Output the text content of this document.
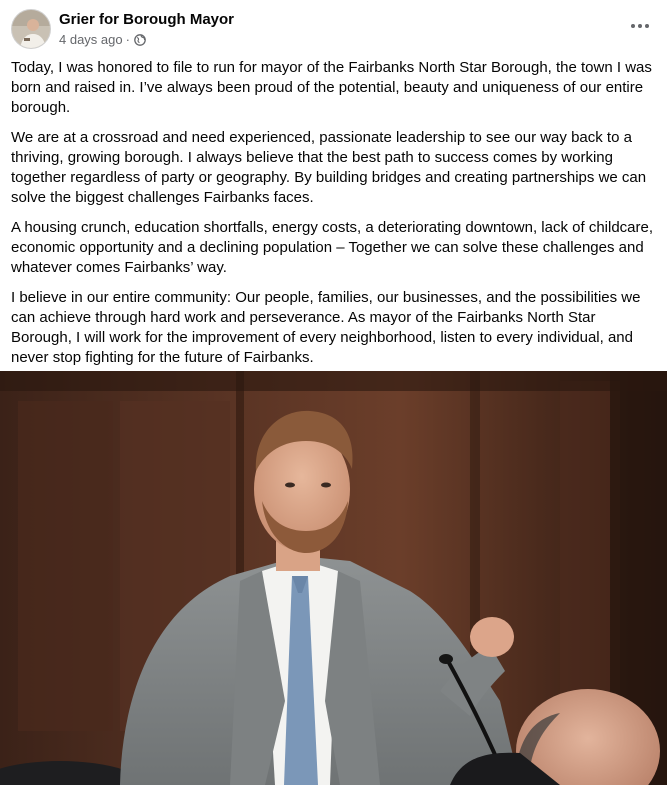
Grier for Borough Mayor
4 days ago ·

Today, I was honored to file to run for mayor of the Fairbanks North Star Borough, the town I was born and raised in. I’ve always been proud of the potential, beauty and uniqueness of our entire borough.

We are at a crossroad and need experienced, passionate leadership to see our way back to a thriving, growing borough. I always believe that the best path to success comes by working together regardless of party or geography. By building bridges and creating partnerships we can solve the biggest challenges Fairbanks faces.

A housing crunch, education shortfalls, energy costs, a deteriorating downtown, lack of childcare, economic opportunity and a declining population – Together we can solve these challenges and whatever comes Fairbanks’ way.

I believe in our entire community: Our people, families, our businesses, and the possibilities we can achieve through hard work and perseverance. As mayor of the Fairbanks North Star Borough, I will work for the improvement of every neighborhood, listen to every individual, and never stop fighting for the future of Fairbanks.
